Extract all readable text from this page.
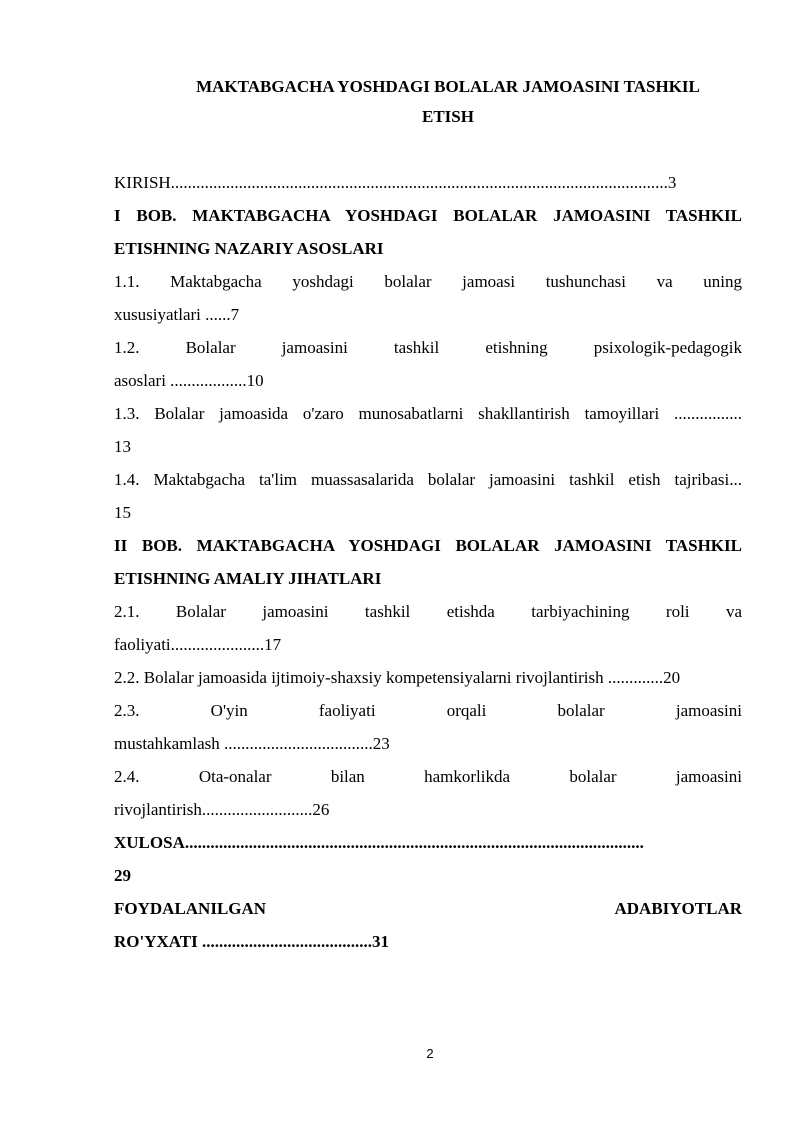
MAKTABGACHA YOSHDAGI BOLALAR JAMOASINI TASHKIL
ETISH

KIRISH.....................................................................................................................3

I BOB. MAKTABGACHA YOSHDAGI BOLALAR JAMOASINI TASHKIL
ETISHNING NAZARIY ASOSLARI
1.1. Maktabgacha yoshdagi bolalar jamoasi tushunchasi va uning
xususiyatlari ......7
1.2. Bolalar jamoasini tashkil etishning psixologik-pedagogik
asoslari ..................10
1.3. Bolalar jamoasida o'zaro munosabatlarni shakllantirish tamoyillari ................
13
1.4. Maktabgacha ta'lim muassasalarida bolalar jamoasini tashkil etish tajribasi...
15
II BOB. MAKTABGACHA YOSHDAGI BOLALAR JAMOASINI TASHKIL
ETISHNING AMALIY JIHATLARI
2.1. Bolalar jamoasini tashkil etishda tarbiyachining roli va
faoliyati......................17

2.2. Bolalar jamoasida ijtimoiy-shaxsiy kompetensiyalarni rivojlantirish .............20

2.3. O'yin faoliyati orqali bolalar jamoasini
mustahkamlash ...................................23
2.4. Ota-onalar bilan hamkorlikda bolalar jamoasini
rivojlantirish..........................26
XULOSA............................................................................................................
29
FOYDALANILGAN ADABIYOTLAR
RO'YXATI ........................................31
2
